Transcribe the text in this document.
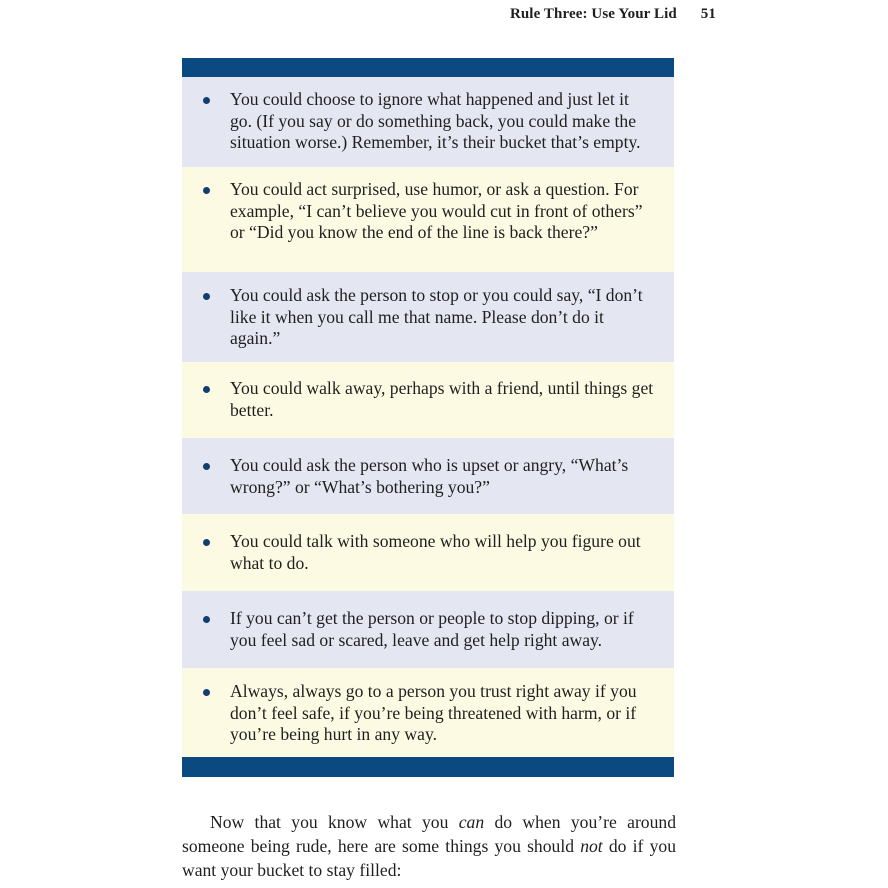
Rule Three: Use Your Lid 51
You could choose to ignore what happened and just let it go. (If you say or do something back, you could make the situation worse.) Remember, it’s their bucket that’s empty.
You could act surprised, use humor, or ask a question. For example, “I can’t believe you would cut in front of others” or “Did you know the end of the line is back there?”
You could ask the person to stop or you could say, “I don’t like it when you call me that name. Please don’t do it again.”
You could walk away, perhaps with a friend, until things get better.
You could ask the person who is upset or angry, “What’s wrong?” or “What’s bothering you?”
You could talk with someone who will help you figure out what to do.
If you can’t get the person or people to stop dipping, or if you feel sad or scared, leave and get help right away.
Always, always go to a person you trust right away if you don’t feel safe, if you’re being threatened with harm, or if you’re being hurt in any way.

Now that you know what you can do when you’re around someone being rude, here are some things you should not do if you want your bucket to stay filled:
